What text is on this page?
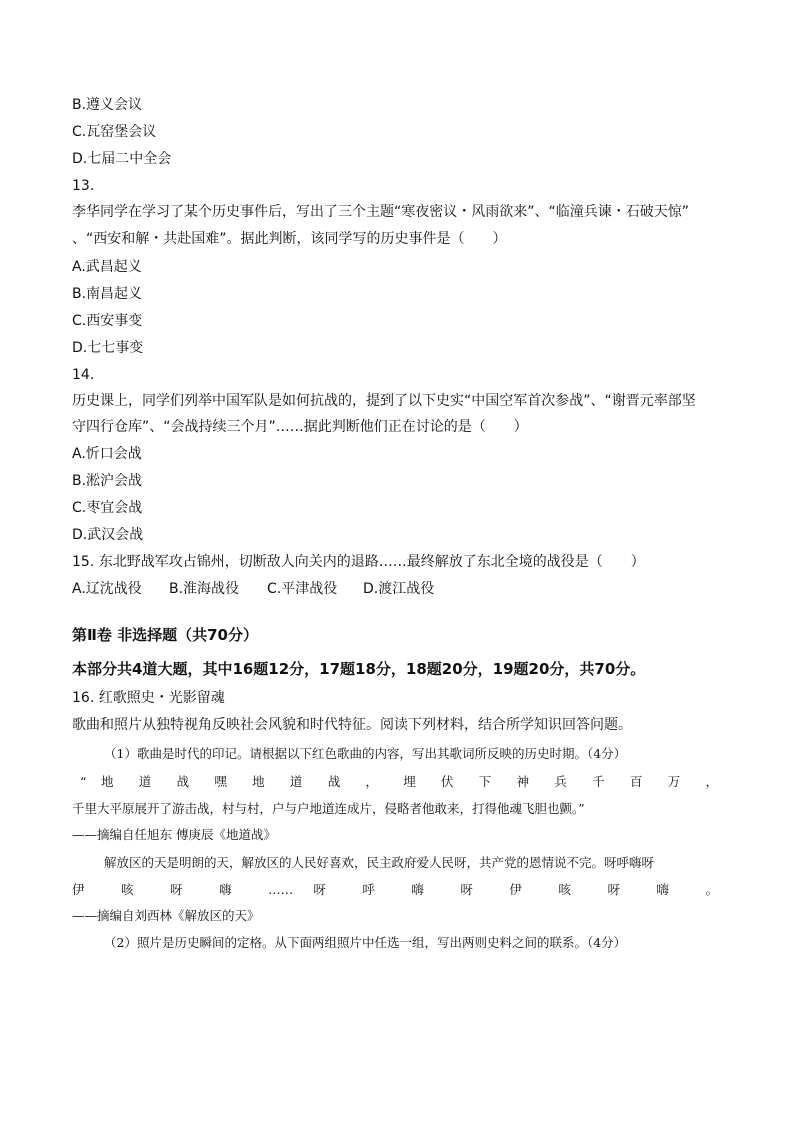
B.遵义会议
C.瓦窑堡会议
D.七届二中全会
13.
李华同学在学习了某个历史事件后，写出了三个主题“寒夜密议・风雨欲来”、“临潼兵谏・石破天惊”
、“西安和解・共赴国难”。据此判断，该同学写的历史事件是（　　）
A.武昌起义
B.南昌起义
C.西安事变
D.七七事变
14.
历史课上，同学们列举中国军队是如何抗战的，提到了以下史实“中国空军首次参战”、“谢晋元率部坚
守四行仓库”、“会战持续三个月”……据此判断他们正在讨论的是（　　）
A.忻口会战
B.淞沪会战
C.枣宜会战
D.武汉会战
15. 东北野战军攻占锦州，切断敌人向关内的退路……最终解放了东北全境的战役是（　　）
A.辽沈战役 B.淮海战役 C.平津战役 D.渡江战役
第Ⅱ卷 非选择题（共70分）
本部分共4道大题，其中16题12分，17题18分，18题20分，19题20分，共70分。
16. 红歌照史・光影留魂
歌曲和照片从独特视角反映社会风貌和时代特征。阅读下列材料，结合所学知识回答问题。
（1）歌曲是时代的印记。请根据以下红色歌曲的内容，写出其歌词所反映的历史时期。（4分）
“ 地 道 战 嘿 地 道 战 ， 埋 伏 下 神 兵 千 百 万 ，
千里大平原展开了游击战，村与村，户与户地道连成片，侵略者他敢来，打得他魂飞胆也颤。”
——摘编自任旭东 傅庚辰《地道战》
解放区的天是明朗的天，解放区的人民好喜欢，民主政府爱人民呀，共产党的恩情说不完。呀呼嗨呀
伊 咳 呀 嗨 …… 呀 呼 嗨 呀 伊 咳 呀 嗨 。
——摘编自刘西林《解放区的天》
（2）照片是历史瞬间的定格。从下面两组照片中任选一组，写出两则史料之间的联系。（4分）
